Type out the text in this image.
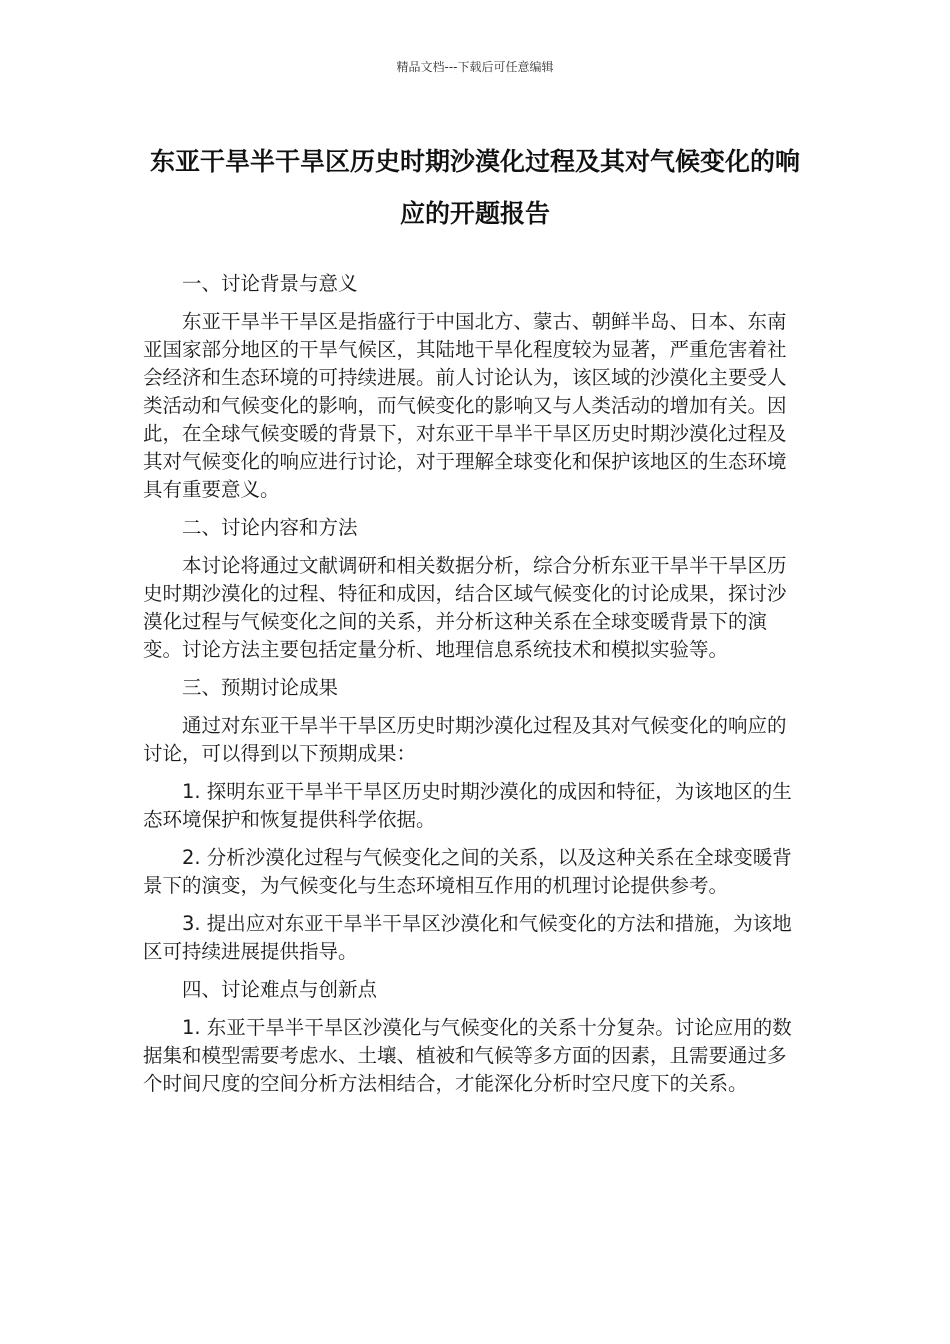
精品文档---下载后可任意编辑
东亚干旱半干旱区历史时期沙漠化过程及其对气候变化的响应的开题报告

一、讨论背景与意义

东亚干旱半干旱区是指盛行于中国北方、蒙古、朝鲜半岛、日本、东南亚国家部分地区的干旱气候区，其陆地干旱化程度较为显著，严重危害着社会经济和生态环境的可持续进展。前人讨论认为，该区域的沙漠化主要受人类活动和气候变化的影响，而气候变化的影响又与人类活动的增加有关。因此，在全球气候变暖的背景下，对东亚干旱半干旱区历史时期沙漠化过程及其对气候变化的响应进行讨论，对于理解全球变化和保护该地区的生态环境具有重要意义。

二、讨论内容和方法

本讨论将通过文献调研和相关数据分析，综合分析东亚干旱半干旱区历史时期沙漠化的过程、特征和成因，结合区域气候变化的讨论成果，探讨沙漠化过程与气候变化之间的关系，并分析这种关系在全球变暖背景下的演变。讨论方法主要包括定量分析、地理信息系统技术和模拟实验等。

三、预期讨论成果

通过对东亚干旱半干旱区历史时期沙漠化过程及其对气候变化的响应的讨论，可以得到以下预期成果：

1. 探明东亚干旱半干旱区历史时期沙漠化的成因和特征，为该地区的生态环境保护和恢复提供科学依据。

2. 分析沙漠化过程与气候变化之间的关系，以及这种关系在全球变暖背景下的演变，为气候变化与生态环境相互作用的机理讨论提供参考。

3. 提出应对东亚干旱半干旱区沙漠化和气候变化的方法和措施，为该地区可持续进展提供指导。

四、讨论难点与创新点

1. 东亚干旱半干旱区沙漠化与气候变化的关系十分复杂。讨论应用的数据集和模型需要考虑水、土壤、植被和气候等多方面的因素，且需要通过多个时间尺度的空间分析方法相结合，才能深化分析时空尺度下的关系。
